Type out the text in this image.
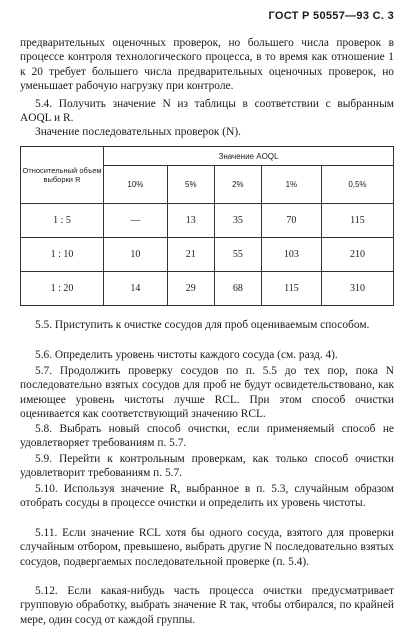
ГОСТ Р 50557—93 С. 3

предварительных оценочных проверок, но большего числа проверок в процессе контроля технологического процесса, в то время как отношение 1 к 20 требует большего числа предварительных оценочных проверок, но уменьшает рабочую нагрузку при контроле.

5.4. Получить значение N из таблицы в соответствии с выбранным AOQL и R.

Значение последовательных проверок (N).

Относительный объем выборки R	Значение AOQL				
	10%	5%	2%	1%	0,5%
1 : 5	—	13	35	70	115
1 : 10	10	21	55	103	210
1 : 20	14	29	68	115	310

5.5. Приступить к очистке сосудов для проб оцениваемым способом.

5.6. Определить уровень чистоты каждого сосуда (см. разд. 4).

5.7. Продолжить проверку сосудов по п. 5.5 до тех пор, пока N последовательно взятых сосудов для проб не будут освидетельствовано, как имеющее уровень чистоты лучше RCL. При этом способ очистки оценивается как соответствующий значению RCL.

5.8. Выбрать новый способ очистки, если применяемый способ не удовлетворяет требованиям п. 5.7.

5.9. Перейти к контрольным проверкам, как только способ очистки удовлетворит требованиям п. 5.7.

5.10. Используя значение R, выбранное в п. 5.3, случайным образом отобрать сосуды в процессе очистки и определить их уровень чистоты.

5.11. Если значение RCL хотя бы одного сосуда, взятого для проверки случайным отбором, превышено, выбрать другие N последовательно взятых сосудов, подвергаемых последовательной проверке (п. 5.4).

5.12. Если какая-нибудь часть процесса очистки предусматривает групповую обработку, выбрать значение R так, чтобы отбирался, по крайней мере, один сосуд от каждой группы.
